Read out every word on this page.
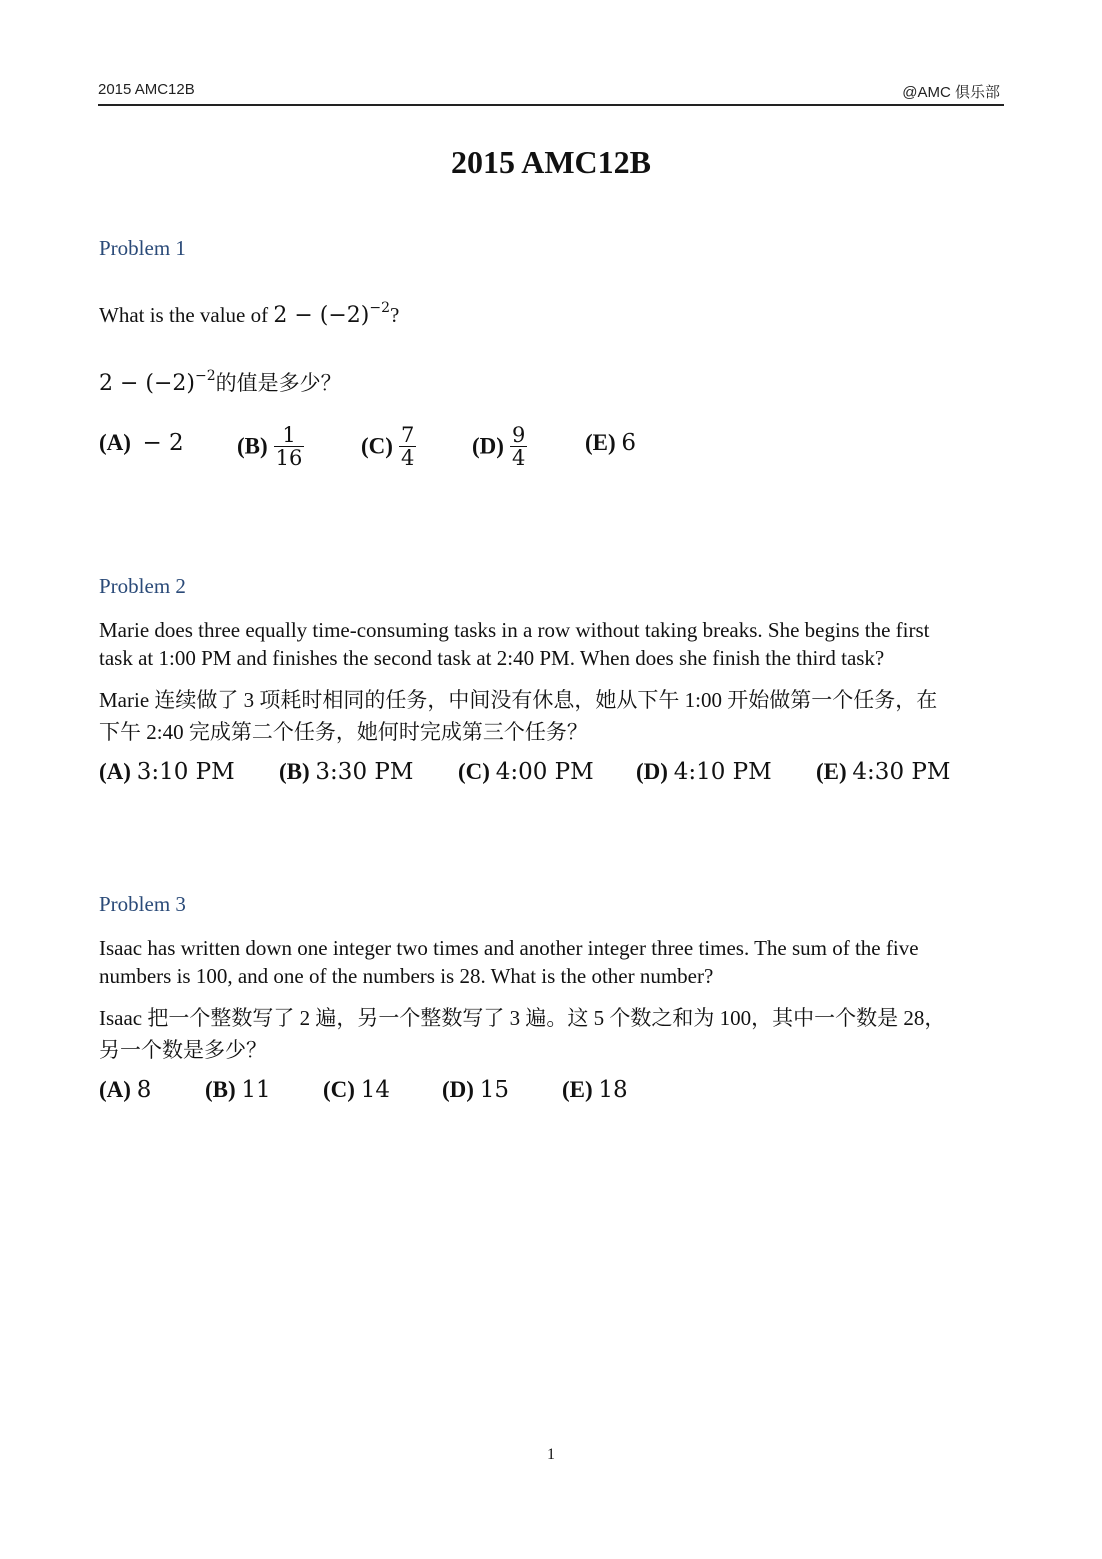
2015 AMC12B	@AMC 俱乐部
2015 AMC12B
Problem 1
What is the value of $2 - (-2)^{-2}$?
$2 - (-2)^{-2}$的值是多少？
(A) − 2 $(B) \frac{1}{16} (C) \frac{7}{4} (D) \frac{9}{4}$	(E) 6
Problem 2
Marie does three equally time-consuming tasks in a row without taking breaks. She begins the first
task at 1:00 PM and finishes the second task at 2:40 PM. When does she finish the third task?
Marie 连续做了 3 项耗时相同的任务，中间没有休息，她从下午 1:00 开始做第一个任务，在
下午 2:40 完成第二个任务，她何时完成第三个任务？
(A) 3:10 PM (B) 3:30 PM (C) 4:00 PM (D) 4:10 PM (E) 4:30 PM
Problem 3
Isaac has written down one integer two times and another integer three times. The sum of the five
numbers is 100, and one of the numbers is 28. What is the other number?
Isaac 把一个整数写了 2 遍，另一个整数写了 3 遍。这 5 个数之和为 100，其中一个数是 28，
另一个数是多少？
(A) 8 (B) 11 (C) 14 (D) 15 (E) 18
1
